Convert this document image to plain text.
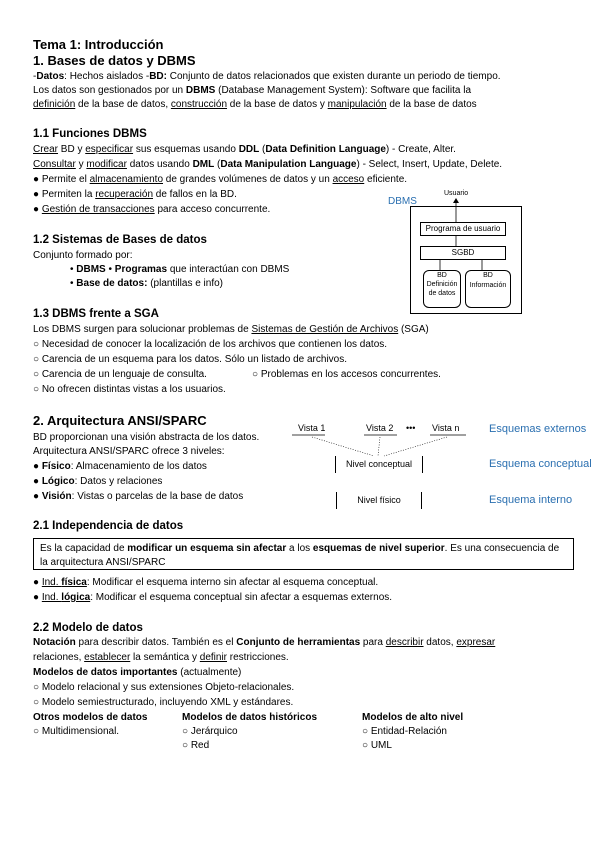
Tema 1: Introducción
1. Bases de datos y DBMS
-Datos: Hechos aislados -BD: Conjunto de datos relacionados que existen durante un periodo de tiempo.
Los datos son gestionados por un DBMS (Database Management System): Software que facilita la
definición de la base de datos, construcción de la base de datos y manipulación de la base de datos
1.1 Funciones DBMS
Crear BD y especificar sus esquemas usando DDL (Data Definition Language) - Create, Alter.
Consultar y modificar datos usando DML (Data Manipulation Language) - Select, Insert, Update, Delete.
● Permite el almacenamiento de grandes volúmenes de datos y un acceso eficiente.
● Permiten la recuperación de fallos en la BD.
● Gestión de transacciones para acceso concurrente.
DBMS
Usuario
Programa de usuario
SGBD
BD
Definición
de datos
BD
Información
1.2 Sistemas de Bases de datos
Conjunto formado por:
• DBMS • Programas que interactúan con DBMS
• Base de datos: (plantillas e info)
1.3 DBMS frente a SGA
Los DBMS surgen para solucionar problemas de Sistemas de Gestión de Archivos (SGA)
○ Necesidad de conocer la localización de los archivos que contienen los datos.
○ Carencia de un esquema para los datos. Sólo un listado de archivos.
○ Carencia de un lenguaje de consulta.	○ Problemas en los accesos concurrentes.
○ No ofrecen distintas vistas a los usuarios.
2. Arquitectura ANSI/SPARC
BD proporcionan una visión abstracta de los datos.
Arquitectura ANSI/SPARC ofrece 3 niveles:
● Físico: Almacenamiento de los datos
● Lógico: Datos y relaciones
● Visión: Vistas o parcelas de la base de datos
Vista 1	Vista 2 ••• Vista n
Nivel conceptual
Nivel físico
Esquemas externos
Esquema conceptual
Esquema interno
2.1 Independencia de datos
Es la capacidad de modificar un esquema sin afectar a los esquemas de nivel superior. Es una consecuencia de la arquitectura ANSI/SPARC
● Ind. física: Modificar el esquema interno sin afectar al esquema conceptual.
● Ind. lógica: Modificar el esquema conceptual sin afectar a esquemas externos.
2.2 Modelo de datos
Notación para describir datos. También es el Conjunto de herramientas para describir datos, expresar
relaciones, establecer la semántica y definir restricciones.
Modelos de datos importantes (actualmente)
○ Modelo relacional y sus extensiones Objeto-relacionales.
○ Modelo semiestructurado, incluyendo XML y estándares.
Otros modelos de datos
○ Multidimensional.
Modelos de datos históricos
○ Jerárquico
○ Red
Modelos de alto nivel
○ Entidad-Relación
○ UML
